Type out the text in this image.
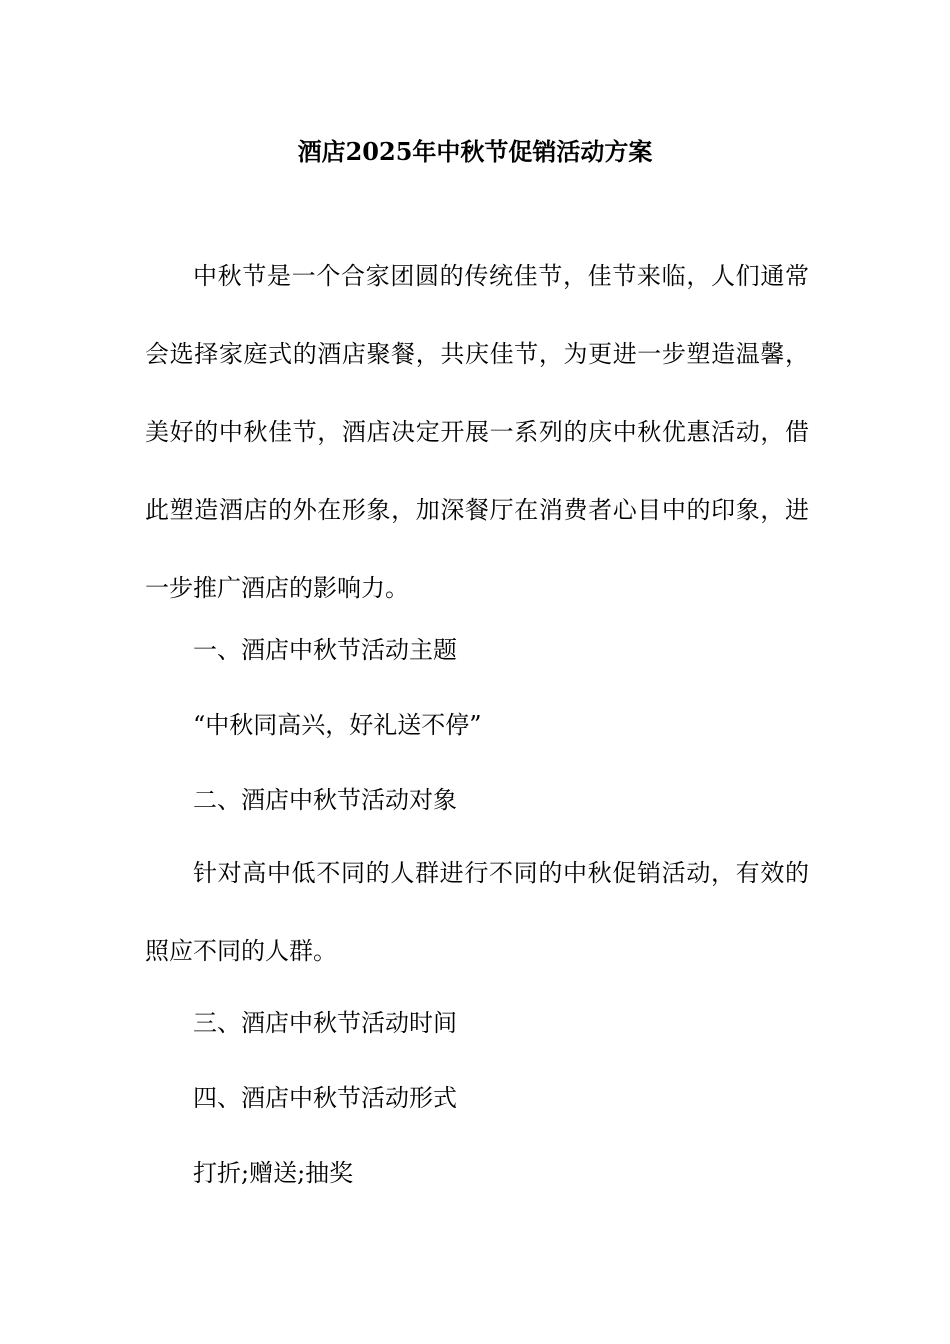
酒店2025年中秋节促销活动方案

中秋节是一个合家团圆的传统佳节，佳节来临，人们通常会选择家庭式的酒店聚餐，共庆佳节，为更进一步塑造温馨，美好的中秋佳节，酒店决定开展一系列的庆中秋优惠活动，借此塑造酒店的外在形象，加深餐厅在消费者心目中的印象，进一步推广酒店的影响力。

一、酒店中秋节活动主题

“中秋同高兴，好礼送不停”

二、酒店中秋节活动对象

针对高中低不同的人群进行不同的中秋促销活动，有效的照应不同的人群。

三、酒店中秋节活动时间

四、酒店中秋节活动形式

打折;赠送;抽奖
